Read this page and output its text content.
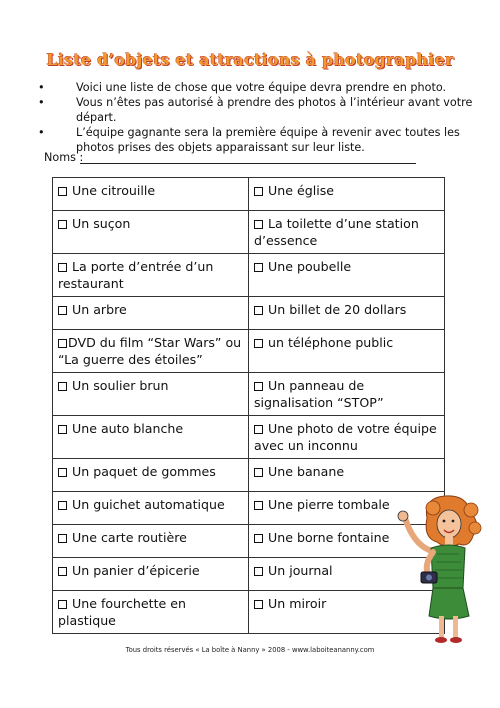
Liste d’objets et attractions à photographier
•	Voici une liste de chose que votre équipe devra prendre en photo.
•	Vous n’êtes pas autorisé à prendre des photos à l’intérieur avant votre départ.
•	L’équipe gagnante sera la première équipe à revenir avec toutes les photos prises des objets apparaissant sur leur liste.
Noms :
Une citrouille	Une église
Un suçon	La toilette d’une station d’essence
La porte d’entrée d’un restaurant	Une poubelle
Un arbre	Un billet de 20 dollars
DVD du film “Star Wars” ou “La guerre des étoiles”	un téléphone public
Un soulier brun	Un panneau de signalisation “STOP”
Une auto blanche	Une photo de votre équipe avec un inconnu
Un paquet de gommes	Une banane
Un guichet automatique	Une pierre tombale
Une carte routière	Une borne fontaine
Un panier d’épicerie	Un journal
Une fourchette en plastique	Un miroir
Tous droits réservés « La boîte à Nanny » 2008 - www.laboiteananny.com
